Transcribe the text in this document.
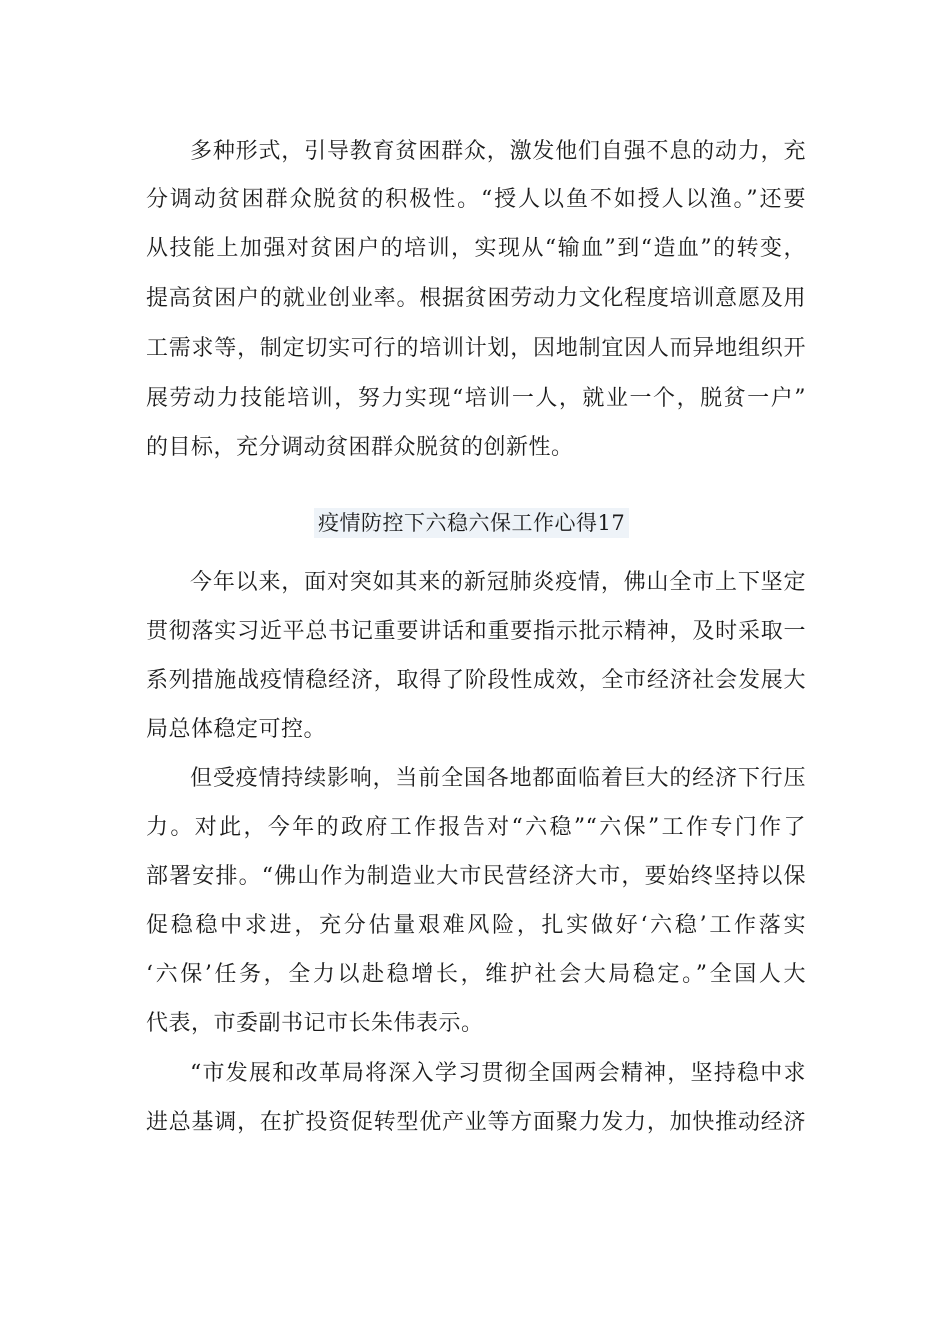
多种形式，引导教育贫困群众，激发他们自强不息的动力，充
分调动贫困群众脱贫的积极性。“授人以鱼不如授人以渔。”还要
从技能上加强对贫困户的培训，实现从“输血”到“造血”的转变，
提高贫困户的就业创业率。根据贫困劳动力文化程度培训意愿及用
工需求等，制定切实可行的培训计划，因地制宜因人而异地组织开
展劳动力技能培训，努力实现“培训一人，就业一个，脱贫一户”
的目标，充分调动贫困群众脱贫的创新性。
疫情防控下六稳六保工作心得17
今年以来，面对突如其来的新冠肺炎疫情，佛山全市上下坚定
贯彻落实习近平总书记重要讲话和重要指示批示精神，及时采取一
系列措施战疫情稳经济，取得了阶段性成效，全市经济社会发展大
局总体稳定可控。
但受疫情持续影响，当前全国各地都面临着巨大的经济下行压
力。对此，今年的政府工作报告对“六稳”“六保”工作专门作了
部署安排。“佛山作为制造业大市民营经济大市，要始终坚持以保
促稳稳中求进，充分估量艰难风险，扎实做好‘六稳’工作落实
‘六保’任务，全力以赴稳增长，维护社会大局稳定。”全国人大
代表，市委副书记市长朱伟表示。
“市发展和改革局将深入学习贯彻全国两会精神，坚持稳中求
进总基调，在扩投资促转型优产业等方面聚力发力，加快推动经济
